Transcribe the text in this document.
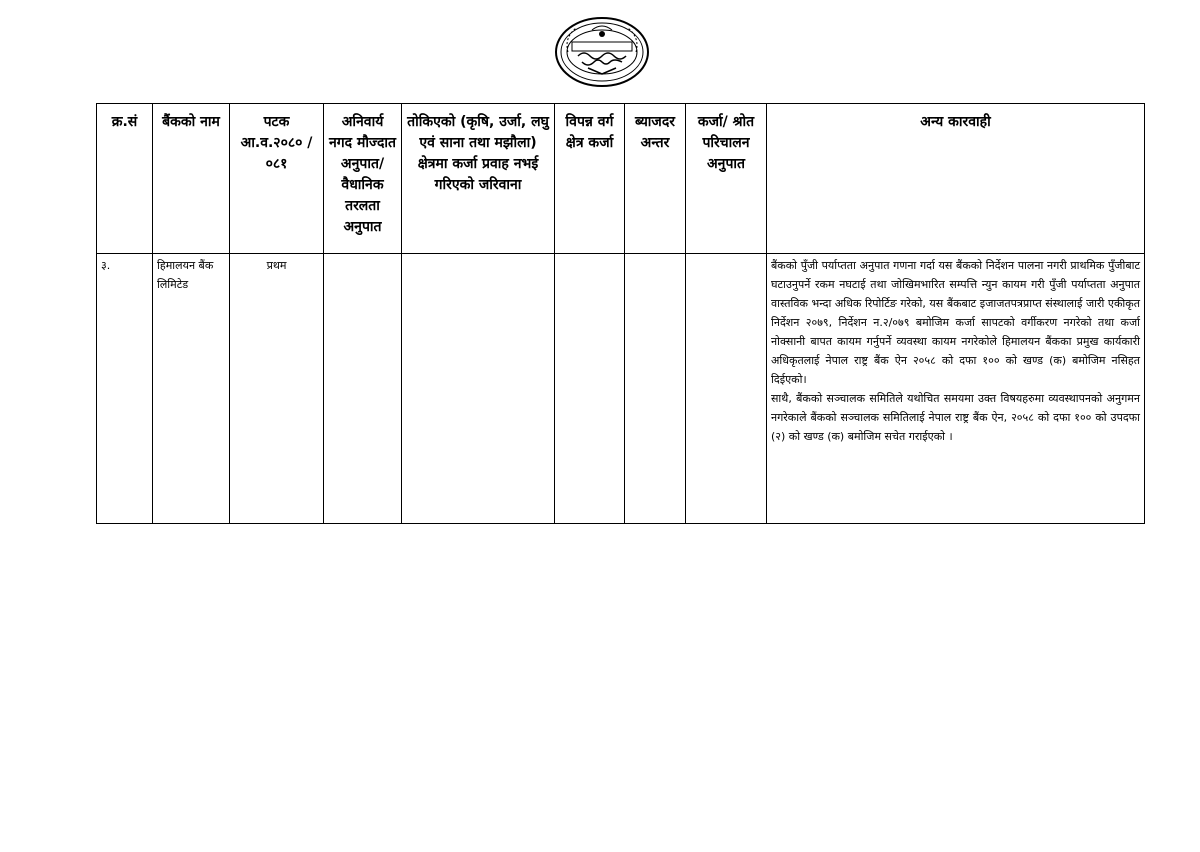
क्र.सं	बैंकको नाम	पटक आ.व.२०८० /०८१	अनिवार्य नगद मौज्दात अनुपात/ वैधानिक तरलता अनुपात	तोकिएको (कृषि, उर्जा, लघु एवं साना तथा मझौला) क्षेत्रमा कर्जा प्रवाह नभई गरिएको जरिवाना	विपन्न वर्ग क्षेत्र कर्जा	ब्याजदर अन्तर	कर्जा/ श्रोत परिचालन अनुपात	अन्य कारवाही
३.	हिमालयन बैंक लिमिटेड	प्रथम						बैंकको पुँजी पर्याप्तता अनुपात गणना गर्दा यस बैंकको निर्देशन पालना नगरी प्राथमिक पुँजीबाट घटाउनुपर्ने रकम नघटाई तथा जोखिमभारित सम्पत्ति न्युन कायम गरी पुँजी पर्याप्तता अनुपात वास्तविक भन्दा अधिक रिपोर्टिङ गरेको, यस बैंकबाट इजाजतपत्रप्राप्त संस्थालाई जारी एकीकृत निर्देशन २०७९, निर्देशन न.२/०७९ बमोजिम कर्जा सापटको वर्गीकरण नगरेको तथा कर्जा नोक्सानी बापत कायम गर्नुपर्ने व्यवस्था कायम नगरेकोले हिमालयन बैंकका प्रमुख कार्यकारी अधिकृतलाई नेपाल राष्ट्र बैंक ऐन २०५८ को दफा १०० को खण्ड (क) बमोजिम नसिहत दिईएको।
साथै, बैंकको सञ्चालक समितिले यथोचित समयमा उक्त विषयहरुमा व्यवस्थापनको अनुगमन नगरेकाले बैंकको सञ्चालक समितिलाई नेपाल राष्ट्र बैंक ऐन, २०५८ को दफा १०० को उपदफा (२) को खण्ड (क) बमोजिम सचेत गराईएको ।
